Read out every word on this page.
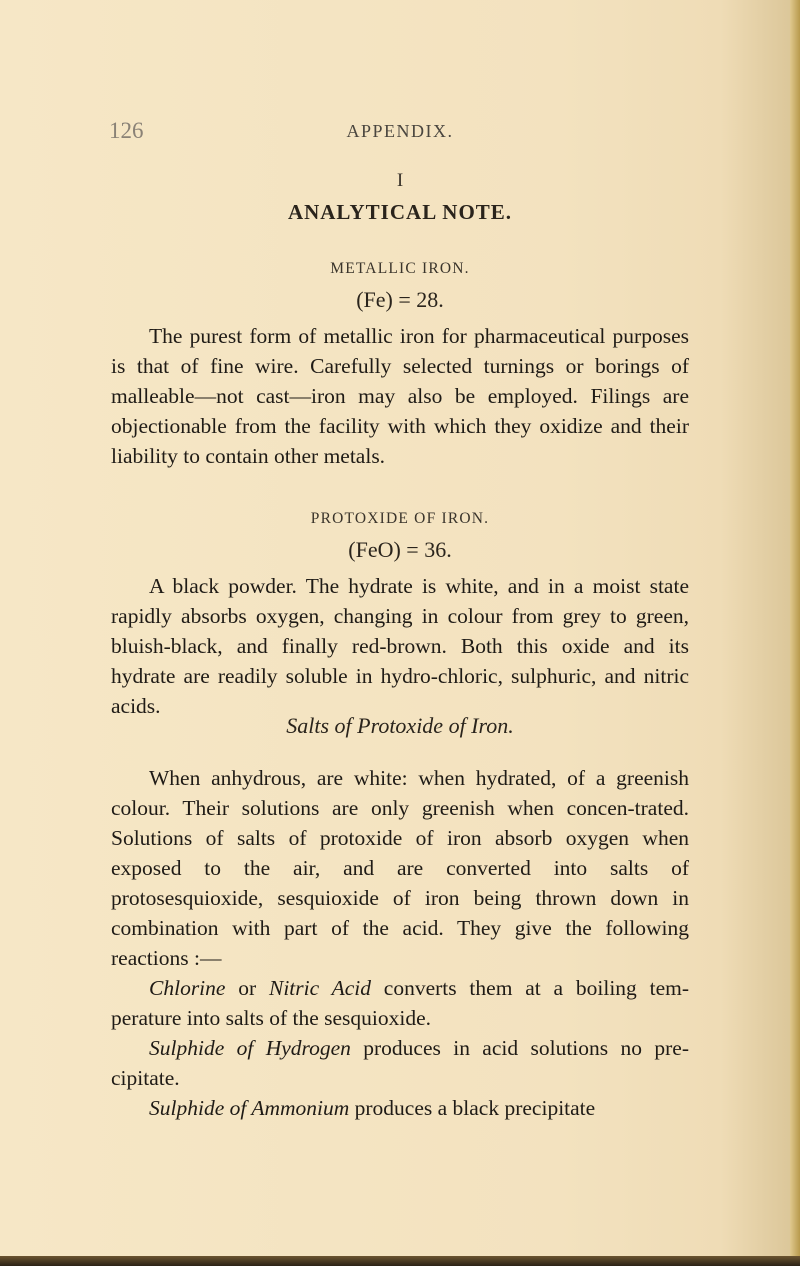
126	APPENDIX.
I
ANALYTICAL NOTE.
METALLIC IRON.
(Fe) = 28.

The purest form of metallic iron for pharmaceutical purposes is that of fine wire. Carefully selected turnings or borings of malleable—not cast—iron may also be employed. Filings are objectionable from the facility with which they oxidize and their liability to contain other metals.

PROTOXIDE OF IRON.
(FeO) = 36.

A black powder. The hydrate is white, and in a moist state rapidly absorbs oxygen, changing in colour from grey to green, bluish-black, and finally red-brown. Both this oxide and its hydrate are readily soluble in hydro-chloric, sulphuric, and nitric acids.

Salts of Protoxide of Iron.

When anhydrous, are white: when hydrated, of a greenish colour. Their solutions are only greenish when concen-trated. Solutions of salts of protoxide of iron absorb oxygen when exposed to the air, and are converted into salts of protosesquioxide, sesquioxide of iron being thrown down in combination with part of the acid. They give the following reactions :—

Chlorine or Nitric Acid converts them at a boiling tem-perature into salts of the sesquioxide.

Sulphide of Hydrogen produces in acid solutions no pre-cipitate.

Sulphide of Ammonium produces a black precipitate
